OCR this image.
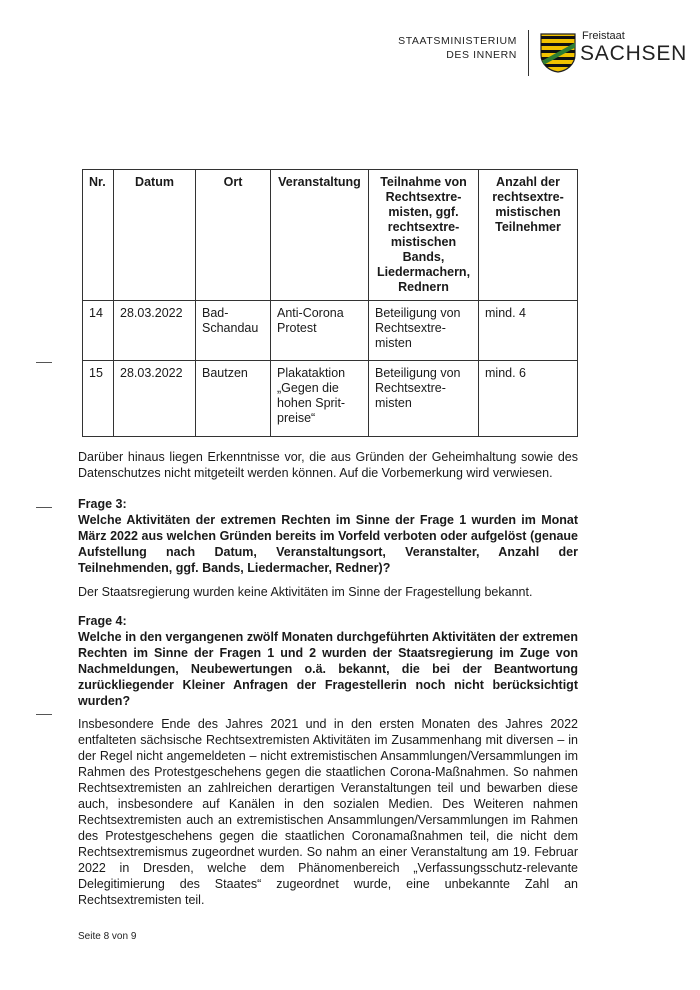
STAATSMINISTERIUM
DES INNERN
Freistaat
SACHSEN
Nr.	Datum	Ort	Veranstaltung	Teilnahme von Rechtsextre- misten, ggf. rechtsextre- mistischen Bands, Liedermachern, Rednern	Anzahl der rechtsextre- mistischen Teilnehmer
14	28.03.2022	Bad- Schandau	Anti-Corona Protest	Beteiligung von Rechtsextre- misten	mind. 4
15	28.03.2022	Bautzen	Plakataktion „Gegen die hohen Sprit- preise“	Beteiligung von Rechtsextre- misten	mind. 6
Darüber hinaus liegen Erkenntnisse vor, die aus Gründen der Geheimhaltung sowie des Datenschutzes nicht mitgeteilt werden können. Auf die Vorbemerkung wird verwiesen.
Frage 3:
Welche Aktivitäten der extremen Rechten im Sinne der Frage 1 wurden im Monat März 2022 aus welchen Gründen bereits im Vorfeld verboten oder aufgelöst (genaue Aufstellung nach Datum, Veranstaltungsort, Veranstalter, Anzahl der Teilnehmenden, ggf. Bands, Liedermacher, Redner)?
Der Staatsregierung wurden keine Aktivitäten im Sinne der Fragestellung bekannt.
Frage 4:
Welche in den vergangenen zwölf Monaten durchgeführten Aktivitäten der extremen Rechten im Sinne der Fragen 1 und 2 wurden der Staatsregierung im Zuge von Nachmeldungen, Neubewertungen o.ä. bekannt, die bei der Beantwortung zurückliegender Kleiner Anfragen der Fragestellerin noch nicht berücksichtigt wurden?
Insbesondere Ende des Jahres 2021 und in den ersten Monaten des Jahres 2022 entfalteten sächsische Rechtsextremisten Aktivitäten im Zusammenhang mit diversen – in der Regel nicht angemeldeten – nicht extremistischen Ansammlungen/Versammlungen im Rahmen des Protestgeschehens gegen die staatlichen Corona-Maßnahmen. So nahmen Rechtsextremisten an zahlreichen derartigen Veranstaltungen teil und bewarben diese auch, insbesondere auf Kanälen in den sozialen Medien. Des Weiteren nahmen Rechtsextremisten auch an extremistischen Ansammlungen/Versammlungen im Rahmen des Protestgeschehens gegen die staatlichen Coronamaßnahmen teil, die nicht dem Rechtsextremismus zugeordnet wurden. So nahm an einer Veranstaltung am 19. Februar 2022 in Dresden, welche dem Phänomenbereich „Verfassungsschutz-relevante Delegitimierung des Staates“ zugeordnet wurde, eine unbekannte Zahl an Rechtsextremisten teil.
Seite 8 von 9
